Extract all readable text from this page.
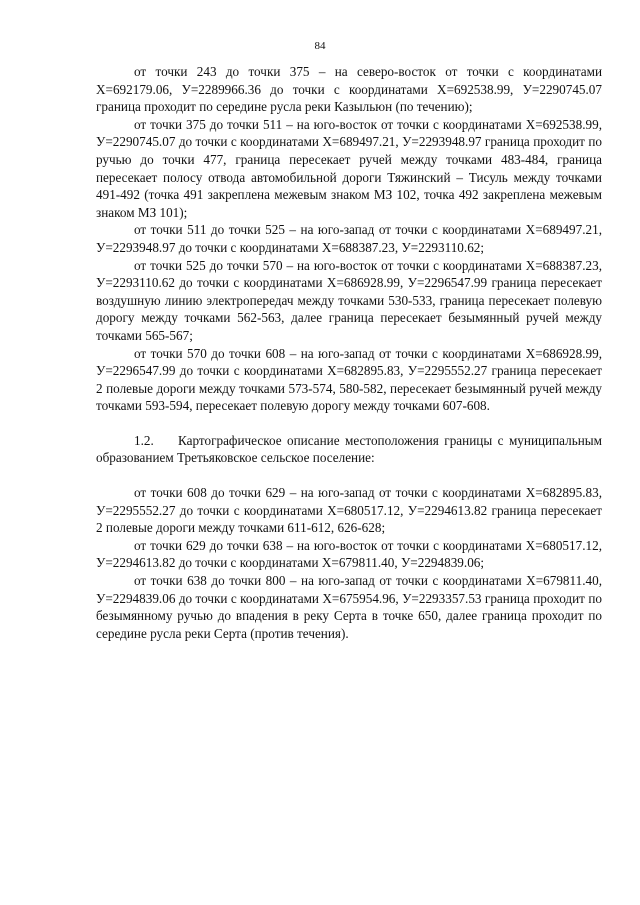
84

от точки 243 до точки 375 – на северо-восток от точки с координатами Х=692179.06, У=2289966.36 до точки с координатами Х=692538.99, У=2290745.07 граница проходит по середине русла реки Казыльюн (по течению);

от точки 375 до точки 511 – на юго-восток от точки с координатами Х=692538.99, У=2290745.07 до точки с координатами Х=689497.21, У=2293948.97 граница проходит по ручью до точки 477, граница пересекает ручей между точками 483-484, граница пересекает полосу отвода автомобильной дороги Тяжинский – Тисуль между точками 491-492 (точка 491 закреплена межевым знаком МЗ 102, точка 492 закреплена межевым знаком МЗ 101);

от точки 511 до точки 525 – на юго-запад от точки с координатами Х=689497.21, У=2293948.97 до точки с координатами Х=688387.23, У=2293110.62;

от точки 525 до точки 570 – на юго-восток от точки с координатами Х=688387.23, У=2293110.62 до точки с координатами Х=686928.99, У=2296547.99 граница пересекает воздушную линию электропередач между точками 530-533, граница пересекает полевую дорогу между точками 562-563, далее граница пересекает безымянный ручей между точками 565-567;

от точки 570 до точки 608 – на юго-запад от точки с координатами Х=686928.99, У=2296547.99 до точки с координатами Х=682895.83, У=2295552.27 граница пересекает 2 полевые дороги между точками 573-574, 580-582, пересекает безымянный ручей между точками 593-594, пересекает полевую дорогу между точками 607-608.

1.2. Картографическое описание местоположения границы с муниципальным образованием Третьяковское сельское поселение:

от точки 608 до точки 629 – на юго-запад от точки с координатами Х=682895.83, У=2295552.27 до точки с координатами Х=680517.12, У=2294613.82 граница пересекает 2 полевые дороги между точками 611-612, 626-628;

от точки 629 до точки 638 – на юго-восток от точки с координатами Х=680517.12, У=2294613.82 до точки с координатами Х=679811.40, У=2294839.06;

от точки 638 до точки 800 – на юго-запад от точки с координатами Х=679811.40, У=2294839.06 до точки с координатами Х=675954.96, У=2293357.53 граница проходит по безымянному ручью до впадения в реку Серта в точке 650, далее граница проходит по середине русла реки Серта (против течения).
